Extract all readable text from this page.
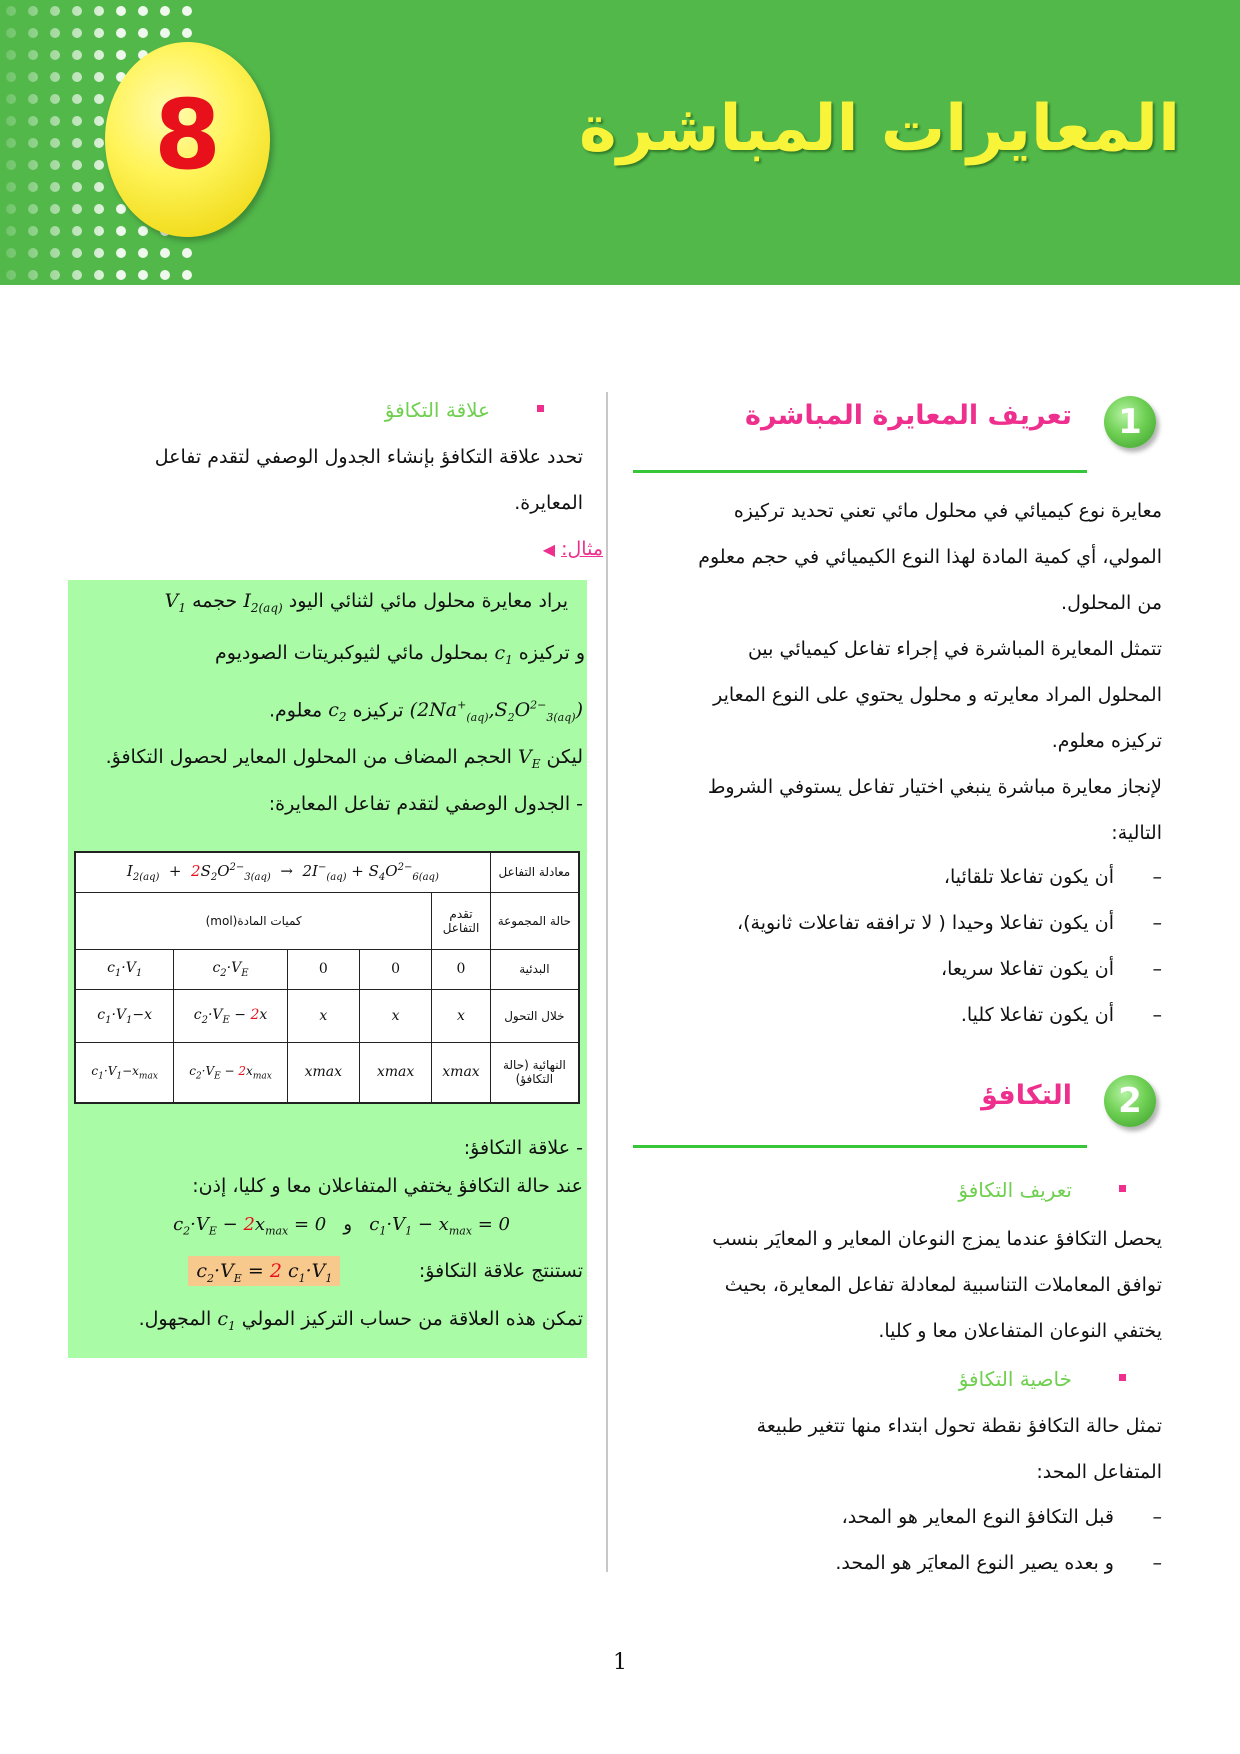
8	المعايرات المباشرة
1
تعريف المعايرة المباشرة
معايرة نوع كيميائي في محلول مائي تعني تحديد تركيزه
المولي، أي كمية المادة لهذا النوع الكيميائي في حجم معلوم
من المحلول.
تتمثل المعايرة المباشرة في إجراء تفاعل كيميائي بين
المحلول المراد معايرته و محلول يحتوي على النوع المعاير
تركيزه معلوم.
لإنجاز معايرة مباشرة ينبغي اختيار تفاعل يستوفي الشروط
التالية:
–أن يكون تفاعلا تلقائيا،
–أن يكون تفاعلا وحيدا ( لا ترافقه تفاعلات ثانوية)،
–أن يكون تفاعلا سريعا،
–أن يكون تفاعلا كليا.
2
التكافؤ
تعريف التكافؤ
يحصل التكافؤ عندما يمزج النوعان المعاير و المعايَر بنسب
توافق المعاملات التناسبية لمعادلة تفاعل المعايرة، بحيث
يختفي النوعان المتفاعلان معا و كليا.
خاصية التكافؤ
تمثل حالة التكافؤ نقطة تحول ابتداء منها تتغير طبيعة
المتفاعل المحد:
–قبل التكافؤ النوع المعاير هو المحد،
–و بعده يصير النوع المعايَر هو المحد.
علاقة التكافؤ
تحدد علاقة التكافؤ بإنشاء الجدول الوصفي لتقدم تفاعل
المعايرة.
مثال: ◀
يراد معايرة محلول مائي لثنائي اليود $I_{2(aq)}$ حجمه $V_1$
و تركيزه $c_1$ بمحلول مائي لثيوكبريتات الصوديوم
$(2Na^+_{(aq)},S_2O^{2-}_{3(aq)})$ تركيزه $c_2$ معلوم.
ليكن $V_E$ الحجم المضاف من المحلول المعاير لحصول التكافؤ.
- الجدول الوصفي لتقدم تفاعل المعايرة:
$I_{2(aq)} + 2S_2O^{2-}_{3(aq)} \to 2I^-_{(aq)} + S_4O^{2-}_{6(aq)}$					معادلة التفاعل
كميات المادة(mol)				تقدم التفاعل	حالة المجموعة
$c_1\cdot V_1$	$c_2\cdot V_E$	0	0	0	البدئية
$c_1\cdot V_1-x$	$c_2\cdot V_E - 2x$	x	x	x	خلال التحول
$c_1\cdot V_1-x_{max}$	$c_2\cdot V_E - 2x_{max}$	xmax	xmax	xmax	النهائية (حالة التكافؤ)
- علاقة التكافؤ:
عند حالة التكافؤ يختفي المتفاعلان معا و كليا، إذن:
$c_1\cdot V_1 - x_{max} = 0$   و   $c_2\cdot V_E - 2x_{max} = 0$
تستنتج علاقة التكافؤ:             $c_2\cdot V_E = 2$ $c_1\cdot V_1$
تمكن هذه العلاقة من حساب التركيز المولي $c_1$ المجهول.
1
